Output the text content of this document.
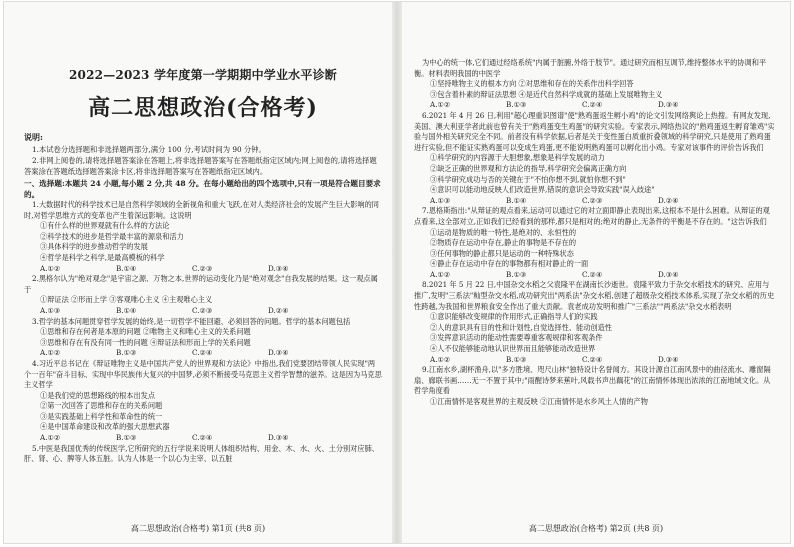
2022—2023 学年度第一学期期中学业水平诊断
高二思想政治(合格考)
说明:
1.本试卷分选择题和非选择题两部分,满分 100 分,考试时间为 90 分钟。
2.非网上阅卷的,请将选择题答案涂在答题上,将非选择题答案写在答题纸指定区域内;网上阅卷的,请将选择题答案涂在答题纸选择题答案涂卡区,将非选择题答案写在答题纸指定区域内。
一、选择题:本题共 24 小题,每小题 2 分,共 48 分。在每小题给出的四个选项中,只有一项是符合题目要求的。
1.大数据时代的科学技术已是自然科学领域的全新视角和重大飞跃,在对人类经济社会的发展产生巨大影响的同时,对哲学思维方式的变革也产生着深远影响。这说明
①有什么样的世界观就有什么样的方法论
②科学技术的进步是哲学最丰富的源泉和活力
③具体科学的进步推动哲学的发展
④哲学是科学之科学,是最高模板的科学
A.①②	B.①④	C.②③	D.③④
2.黑格尔认为"绝对观念"是宇宙之源、万物之本,世界的运动变化乃是"绝对观念"自我发展的结果。这一观点属于
①辩证法 ②形而上学 ③客观唯心主义 ④主观唯心主义
A.①③	B.①④	C.②③	D.②④
3.哲学的基本问题贯穿哲学发展的始终,是一切哲学不能回避、必须回答的问题。哲学的基本问题包括
①思维和存在何者是本原的问题 ②唯物主义和唯心主义的关系问题
③思维和存在有没有同一性的问题 ④辩证法和形而上学的关系问题
A.①②	B.①③	C.②④	D.③④
4.习近平总书记在《辩证唯物主义是中国共产党人的世界观和方法论》中指出,我们党要团结带领人民实现"两个一百年"奋斗目标、实现中华民族伟大复兴的中国梦,必须不断接受马克思主义哲学智慧的滋养。这是因为马克思主义哲学
①是我们党的思想路线的根本出发点
②第一次回答了思维和存在的关系问题
③是实践基础上科学性和革命性的统一
④是中国革命建设和改革的强大思想武器
A.①②	B.①③	C.②④	D.③④
5.中医是我国优秀的传统医学,它所研究的五行学说来说明人体组织结构、用金、木、水、火、土分别对应肺、肝、肾、心、脾等人体五脏。认为人体是一个以心为主宰、以五脏
高二思想政治(合格考) 第1页 (共8 页)
为中心的统一体,它们通过经络系统"内属于脏腑,外络于肢节"。通过研究而相互调节,维持整体水平的协调和平衡。材料表明我国的中医学
①坚持唯物主义的根本方向 ②对思维和存在的关系作出科学回答
③包含着朴素的辩证法思想 ④是近代自然科学成就的基础上发展唯物主义
A.①②	B.①③	C.②④	D.③④
6.2021 年 4 月 26 日,利用"超心理重识图谱"使"熟鸡蛋返生孵小鸡"的论文引发网络舆论上热搜。有网友发现,美国、澳大利亚学者此前也曾有关于"熟鸡蛋变生鸡蛋"的研究实验。专家表示,网络热议的"熟鸡蛋返生孵育雏鸡"实验与国外相关研究完全不同。前者没有科学依据,后者是关于变性蛋白质重折叠领域的科学研究,只是使用了熟鸡蛋进行实验,但不能证实熟鸡蛋可以变成生鸡蛋,更不能说明熟鸡蛋可以孵化出小鸡。专家对该事件的评价告诉我们
①科学研究的内容源于大胆想象,想象是科学发展的动力
②缺乏正确的世界观和方法论的指导,科学研究会偏离正确方向
③科学研究成功与否的关键在于"不怕你想不到,就怕你想不到"
④意识可以能动地反映人们改造世界,错误的意识会导致实践"误入歧途"
A.①③	B.①④	C.②③	D.②④
7.恩格斯指出:"从辩证的观点看来,运动可以通过它的对立面即静止表现出来,这根本不是什么困难。从辩证的观点看来,这全部对立,正如我们已经看到的那样,都只是相对的;绝对的静止,无条件的平衡是不存在的。"这告诉我们
①运动是物质的唯一特性,是绝对的、永恒性的
②物质存在运动中存在,静止的事物是不存在的
③任何事物的静止都只是运动的一种特殊状态
④静止存在运动中存在的事物都有相对静止的一面
A.①②	B.①③	C.②④	D.③④
8.2021 年 5 月 22 日,中国杂交水稻之父袁隆平在湖南长沙逝世。袁隆平致力于杂交水稻技术的研究、应用与推广,发明"三系法"籼型杂交水稻,成功研究出"两系法"杂交水稻,创建了超级杂交稻技术体系,实现了杂交水稻的历史性跨越,为我国和世界粮食安全作出了重大贡献。袁老成功发明和推广"三系法""两系法"杂交水稻表明
①意识能够改变规律的作用形式,正确指导人们的实践
②人的意识具有目的性和计划性,自觉选择性、能动创造性
③发挥意识活动的能动性需要尊重客观规律和客观条件
④人不仅能够能动地认识世界而且能够能动改造世界
A.①②	B.①③	C.②④	D.③④
9.江南水乡,湖杯渔舟,以"多方胜境、咫尺山林"独特设计名誉闻方。其设计源自江南风景中的曲径流水、雕窗隔扇、廊联书画……无一不置于其中;"雨醒诗梦来蕉叶,风载书声出藕花"的江南情怀体现出浓浓的江南地域文化。从哲学角度看
①江南情怀是客观世界的主观反映 ②江南情怀是水乡风土人情的产物
高二思想政治(合格考) 第2页 (共8 页)
